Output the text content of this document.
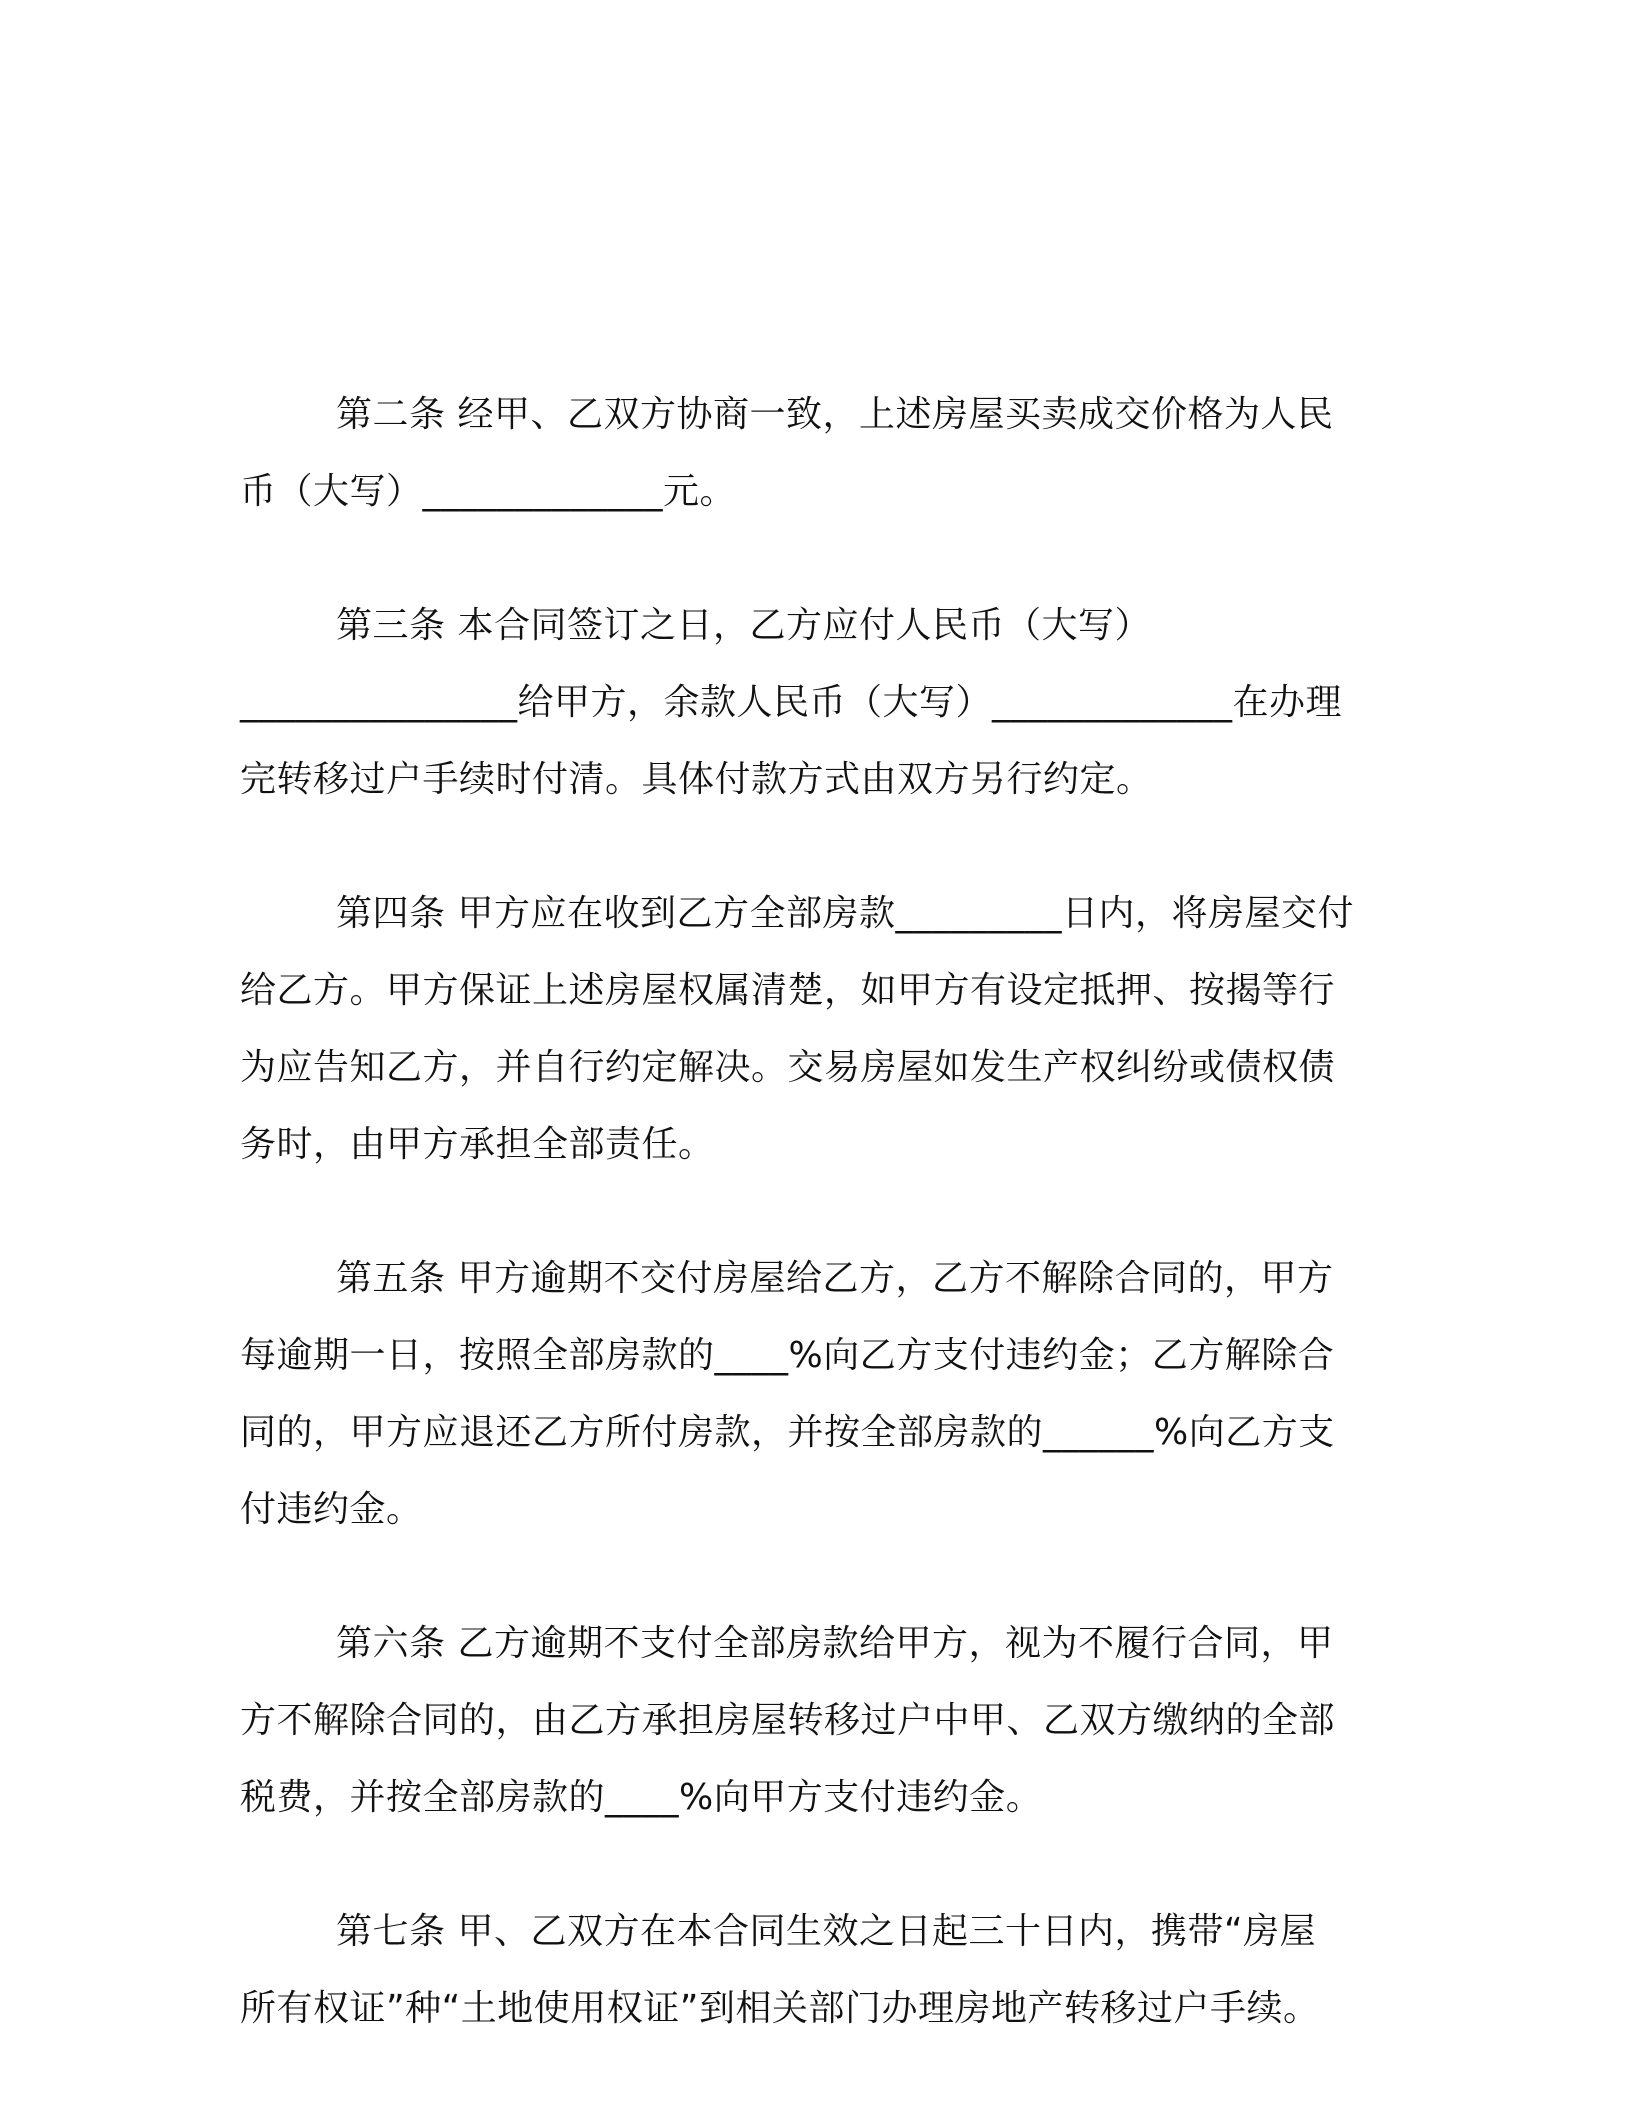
第二条 经甲、乙双方协商一致，上述房屋买卖成交价格为人民
币（大写）_____________元。
第三条 本合同签订之日，乙方应付人民币（大写）
_______________给甲方，余款人民币（大写）_____________在办理
完转移过户手续时付清。具体付款方式由双方另行约定。
第四条 甲方应在收到乙方全部房款_________日内，将房屋交付
给乙方。甲方保证上述房屋权属清楚，如甲方有设定抵押、按揭等行
为应告知乙方，并自行约定解决。交易房屋如发生产权纠纷或债权债
务时，由甲方承担全部责任。
第五条 甲方逾期不交付房屋给乙方，乙方不解除合同的，甲方
每逾期一日，按照全部房款的____%向乙方支付违约金；乙方解除合
同的，甲方应退还乙方所付房款，并按全部房款的______%向乙方支
付违约金。
第六条 乙方逾期不支付全部房款给甲方，视为不履行合同，甲
方不解除合同的，由乙方承担房屋转移过户中甲、乙双方缴纳的全部
税费，并按全部房款的____%向甲方支付违约金。
第七条 甲、乙双方在本合同生效之日起三十日内，携带“房屋
所有权证”种“土地使用权证”到相关部门办理房地产转移过户手续。
